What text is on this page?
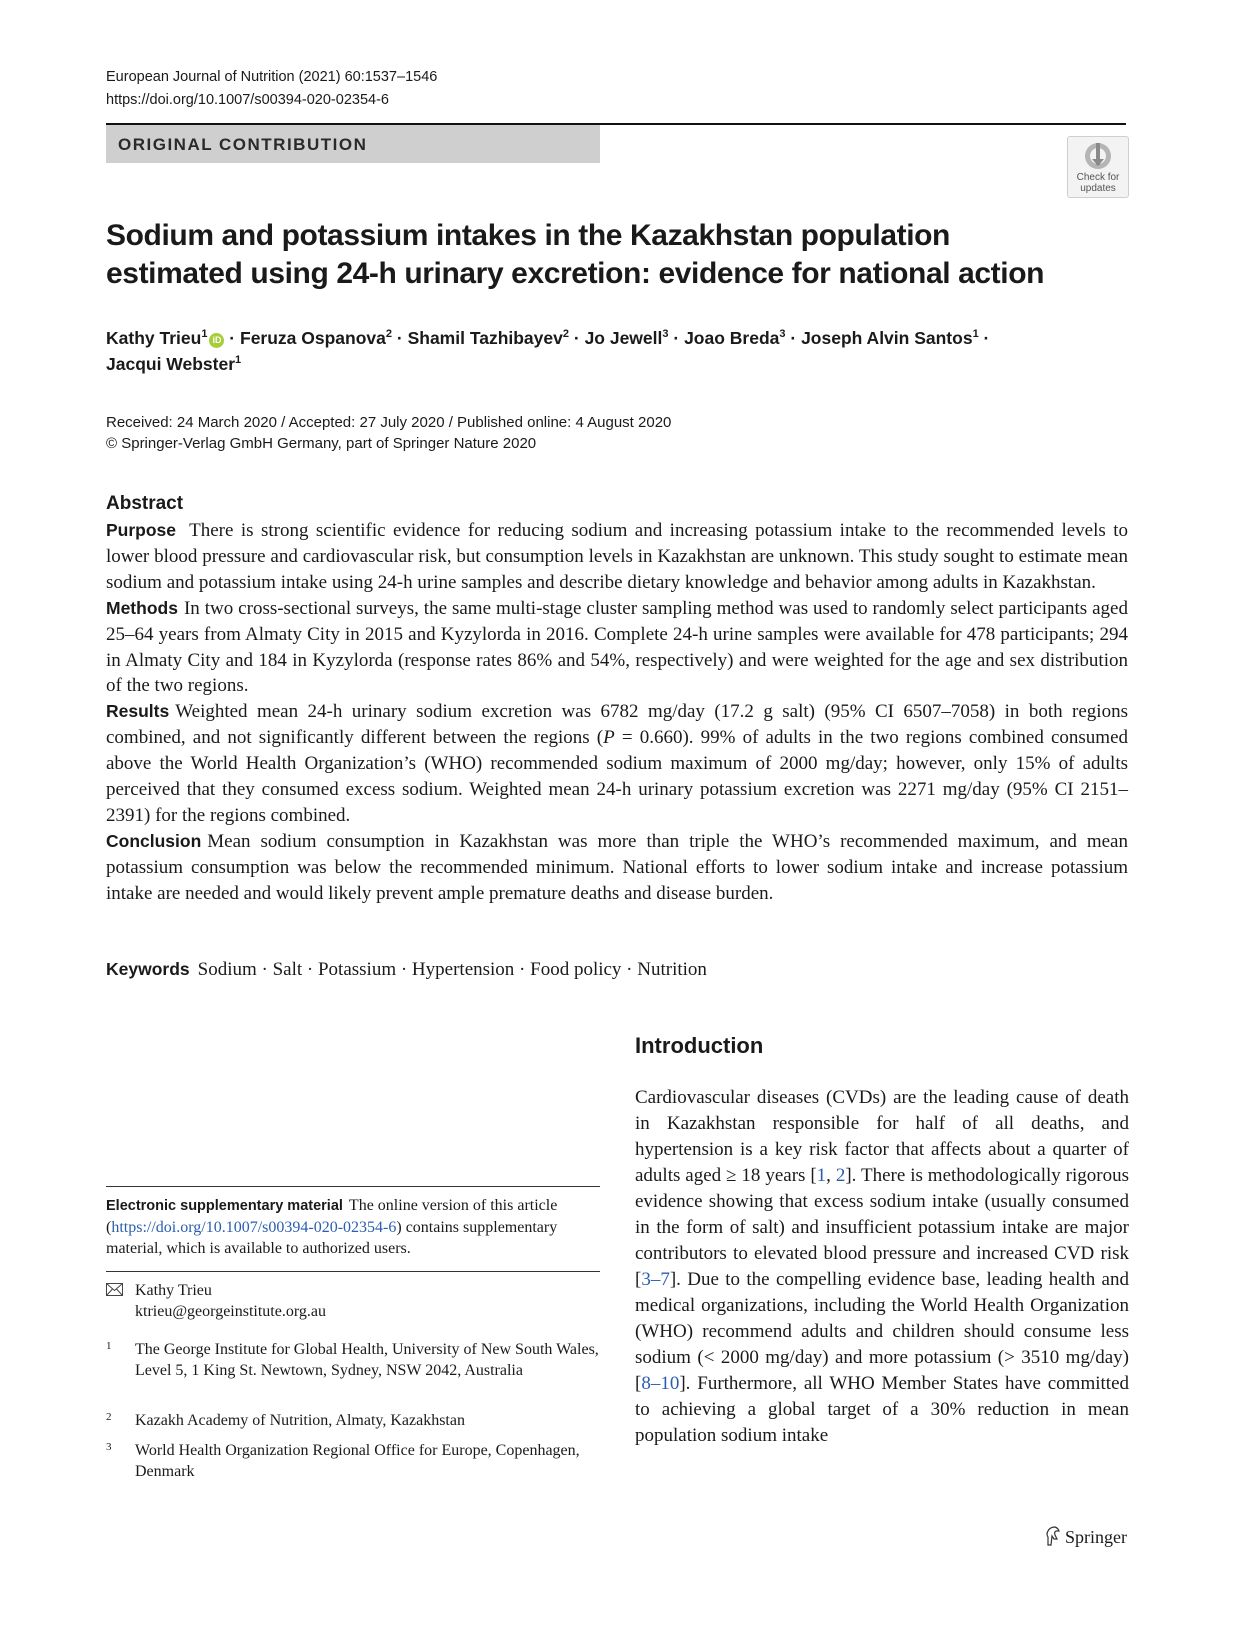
European Journal of Nutrition (2021) 60:1537–1546
https://doi.org/10.1007/s00394-020-02354-6
ORIGINAL CONTRIBUTION
Check for updates
Sodium and potassium intakes in the Kazakhstan population
estimated using 24-h urinary excretion: evidence for national action
Kathy Trieu$^1$ iD · Feruza Ospanova$^2$ · Shamil Tazhibayev$^2$ · Jo Jewell$^3$ · Joao Breda$^3$ · Joseph Alvin Santos$^1$ ·
Jacqui Webster$^1$
Received: 24 March 2020 / Accepted: 27 July 2020 / Published online: 4 August 2020
© Springer-Verlag GmbH Germany, part of Springer Nature 2020
Abstract

Purpose There is strong scientific evidence for reducing sodium and increasing potassium intake to the recommended levels to lower blood pressure and cardiovascular risk, but consumption levels in Kazakhstan are unknown. This study sought to estimate mean sodium and potassium intake using 24-h urine samples and describe dietary knowledge and behavior among adults in Kazakhstan.

Methods In two cross-sectional surveys, the same multi-stage cluster sampling method was used to randomly select participants aged 25–64 years from Almaty City in 2015 and Kyzylorda in 2016. Complete 24-h urine samples were available for 478 participants; 294 in Almaty City and 184 in Kyzylorda (response rates 86% and 54%, respectively) and were weighted for the age and sex distribution of the two regions.

Results Weighted mean 24-h urinary sodium excretion was 6782 mg/day (17.2 g salt) (95% CI 6507–7058) in both regions combined, and not significantly different between the regions (P = 0.660). 99% of adults in the two regions combined consumed above the World Health Organization’s (WHO) recommended sodium maximum of 2000 mg/day; however, only 15% of adults perceived that they consumed excess sodium. Weighted mean 24-h urinary potassium excretion was 2271 mg/day (95% CI 2151–2391) for the regions combined.

Conclusion Mean sodium consumption in Kazakhstan was more than triple the WHO’s recommended maximum, and mean potassium consumption was below the recommended minimum. National efforts to lower sodium intake and increase potassium intake are needed and would likely prevent ample premature deaths and disease burden.

Keywords Sodium · Salt · Potassium · Hypertension · Food policy · Nutrition
Introduction
Cardiovascular diseases (CVDs) are the leading cause of death in Kazakhstan responsible for half of all deaths, and hypertension is a key risk factor that affects about a quarter of adults aged ≥ 18 years [1, 2]. There is methodologically rigorous evidence showing that excess sodium intake (usually consumed in the form of salt) and insufficient potassium intake are major contributors to elevated blood pressure and increased CVD risk [3–7]. Due to the compelling evidence base, leading health and medical organizations, including the World Health Organization (WHO) recommend adults and children should consume less sodium (< 2000 mg/day) and more potassium (> 3510 mg/day) [8–10]. Furthermore, all WHO Member States have committed to achieving a global target of a 30% reduction in mean population sodium intake
Electronic supplementary material The online version of this article (https://doi.org/10.1007/s00394-020-02354-6) contains supplementary material, which is available to authorized users.
Kathy Trieu
ktrieu@georgeinstitute.org.au
1 The George Institute for Global Health, University of New South Wales, Level 5, 1 King St. Newtown, Sydney, NSW 2042, Australia
2 Kazakh Academy of Nutrition, Almaty, Kazakhstan
3 World Health Organization Regional Office for Europe, Copenhagen, Denmark
Springer
